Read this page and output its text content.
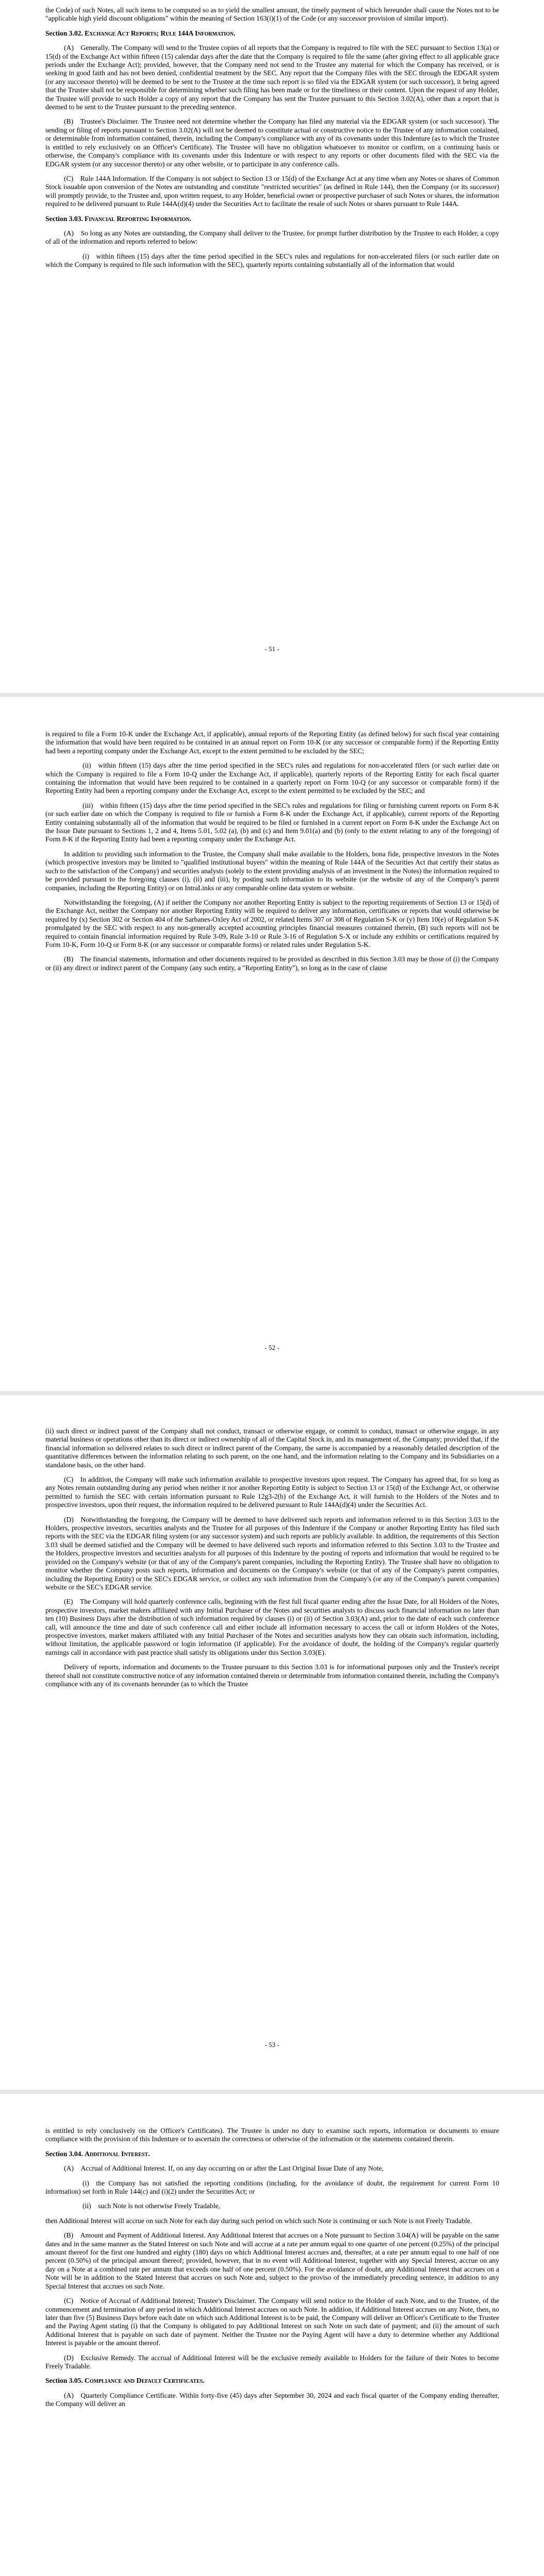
the Code) of such Notes, all such items to be computed so as to yield the smallest amount, the timely payment of which hereunder shall cause the Notes not to be "applicable high yield discount obligations" within the meaning of Section 163(i)(1) of the Code (or any successor provision of similar import).

Section 3.02. Exchange Act Reports; Rule 144A Information.

(A) Generally. The Company will send to the Trustee copies of all reports that the Company is required to file with the SEC pursuant to Section 13(a) or 15(d) of the Exchange Act within fifteen (15) calendar days after the date that the Company is required to file the same (after giving effect to all applicable grace periods under the Exchange Act); provided, however, that the Company need not send to the Trustee any material for which the Company has received, or is seeking in good faith and has not been denied, confidential treatment by the SEC. Any report that the Company files with the SEC through the EDGAR system (or any successor thereto) will be deemed to be sent to the Trustee at the time such report is so filed via the EDGAR system (or such successor), it being agreed that the Trustee shall not be responsible for determining whether such filing has been made or for the timeliness or their content. Upon the request of any Holder, the Trustee will provide to such Holder a copy of any report that the Company has sent the Trustee pursuant to this Section 3.02(A), other than a report that is deemed to be sent to the Trustee pursuant to the preceding sentence.

(B) Trustee's Disclaimer. The Trustee need not determine whether the Company has filed any material via the EDGAR system (or such successor). The sending or filing of reports pursuant to Section 3.02(A) will not be deemed to constitute actual or constructive notice to the Trustee of any information contained, or determinable from information contained, therein, including the Company's compliance with any of its covenants under this Indenture (as to which the Trustee is entitled to rely exclusively on an Officer's Certificate). The Trustee will have no obligation whatsoever to monitor or confirm, on a continuing basis or otherwise, the Company's compliance with its covenants under this Indenture or with respect to any reports or other documents filed with the SEC via the EDGAR system (or any successor thereto) or any other website, or to participate in any conference calls.

(C) Rule 144A Information. If the Company is not subject to Section 13 or 15(d) of the Exchange Act at any time when any Notes or shares of Common Stock issuable upon conversion of the Notes are outstanding and constitute "restricted securities" (as defined in Rule 144), then the Company (or its successor) will promptly provide, to the Trustee and, upon written request, to any Holder, beneficial owner or prospective purchaser of such Notes or shares, the information required to be delivered pursuant to Rule 144A(d)(4) under the Securities Act to facilitate the resale of such Notes or shares pursuant to Rule 144A.

Section 3.03. Financial Reporting Information.

(A) So long as any Notes are outstanding, the Company shall deliver to the Trustee, for prompt further distribution by the Trustee to each Holder, a copy of all of the information and reports referred to below:

(i) within fifteen (15) days after the time period specified in the SEC's rules and regulations for non-accelerated filers (or such earlier date on which the Company is required to file such information with the SEC), quarterly reports containing substantially all of the information that would

- 51 -

is required to file a Form 10-K under the Exchange Act, if applicable), annual reports of the Reporting Entity (as defined below) for such fiscal year containing the information that would have been required to be contained in an annual report on Form 10-K (or any successor or comparable form) if the Reporting Entity had been a reporting company under the Exchange Act, except to the extent permitted to be excluded by the SEC;

(ii) within fifteen (15) days after the time period specified in the SEC's rules and regulations for non-accelerated filers (or such earlier date on which the Company is required to file a Form 10-Q under the Exchange Act, if applicable), quarterly reports of the Reporting Entity for each fiscal quarter containing the information that would have been required to be contained in a quarterly report on Form 10-Q (or any successor or comparable form) if the Reporting Entity had been a reporting company under the Exchange Act, except to the extent permitted to be excluded by the SEC; and

(iii) within fifteen (15) days after the time period specified in the SEC's rules and regulations for filing or furnishing current reports on Form 8-K (or such earlier date on which the Company is required to file or furnish a Form 8-K under the Exchange Act, if applicable), current reports of the Reporting Entity containing substantially all of the information that would be required to be filed or furnished in a current report on Form 8-K under the Exchange Act on the Issue Date pursuant to Sections 1, 2 and 4, Items 5.01, 5.02 (a), (b) and (c) and Item 9.01(a) and (b) (only to the extent relating to any of the foregoing) of Form 8-K if the Reporting Entity had been a reporting company under the Exchange Act.

In addition to providing such information to the Trustee, the Company shall make available to the Holders, bona fide, prospective investors in the Notes (which prospective investors may be limited to "qualified institutional buyers" within the meaning of Rule 144A of the Securities Act that certify their status as such to the satisfaction of the Company) and securities analysts (solely to the extent providing analysis of an investment in the Notes) the information required to be provided pursuant to the foregoing clauses (i), (ii) and (iii), by posting such information to its website (or the website of any of the Company's parent companies, including the Reporting Entity) or on IntraLinks or any comparable online data system or website.

Notwithstanding the foregoing, (A) if neither the Company nor another Reporting Entity is subject to the reporting requirements of Section 13 or 15(d) of the Exchange Act, neither the Company nor another Reporting Entity will be required to deliver any information, certificates or reports that would otherwise be required by (x) Section 302 or Section 404 of the Sarbanes-Oxley Act of 2002, or related Items 307 or 308 of Regulation S-K or (y) Item 10(e) of Regulation S-K promulgated by the SEC with respect to any non-generally accepted accounting principles financial measures contained therein, (B) such reports will not be required to contain financial information required by Rule 3-09, Rule 3-10 or Rule 3-16 of Regulation S-X or include any exhibits or certifications required by Form 10-K, Form 10-Q or Form 8-K (or any successor or comparable forms) or related rules under Regulation S-K.

(B) The financial statements, information and other documents required to be provided as described in this Section 3.03 may be those of (i) the Company or (ii) any direct or indirect parent of the Company (any such entity, a "Reporting Entity"), so long as in the case of clause

- 52 -

(ii) such direct or indirect parent of the Company shall not conduct, transact or otherwise engage, or commit to conduct, transact or otherwise engage, in any material business or operations other than its direct or indirect ownership of all of the Capital Stock in, and its management of, the Company; provided that, if the financial information so delivered relates to such direct or indirect parent of the Company, the same is accompanied by a reasonably detailed description of the quantitative differences between the information relating to such parent, on the one hand, and the information relating to the Company and its Subsidiaries on a standalone basis, on the other hand.

(C) In addition, the Company will make such information available to prospective investors upon request. The Company has agreed that, for so long as any Notes remain outstanding during any period when neither it nor another Reporting Entity is subject to Section 13 or 15(d) of the Exchange Act, or otherwise permitted to furnish the SEC with certain information pursuant to Rule 12g3-2(b) of the Exchange Act, it will furnish to the Holders of the Notes and to prospective investors, upon their request, the information required to be delivered pursuant to Rule 144A(d)(4) under the Securities Act.

(D) Notwithstanding the foregoing, the Company will be deemed to have delivered such reports and information referred to in this Section 3.03 to the Holders, prospective investors, securities analysts and the Trustee for all purposes of this Indenture if the Company or another Reporting Entity has filed such reports with the SEC via the EDGAR filing system (or any successor system) and such reports are publicly available. In addition, the requirements of this Section 3.03 shall be deemed satisfied and the Company will be deemed to have delivered such reports and information referred to this Section 3.03 to the Trustee and the Holders, prospective investors and securities analysts for all purposes of this Indenture by the posting of reports and information that would be required to be provided on the Company's website (or that of any of the Company's parent companies, including the Reporting Entity). The Trustee shall have no obligation to monitor whether the Company posts such reports, information and documents on the Company's website (or that of any of the Company's parent companies, including the Reporting Entity) or the SEC's EDGAR service, or collect any such information from the Company's (or any of the Company's parent companies) website or the SEC's EDGAR service.

(E) The Company will hold quarterly conference calls, beginning with the first full fiscal quarter ending after the Issue Date, for all Holders of the Notes, prospective investors, market makers affiliated with any Initial Purchaser of the Notes and securities analysts to discuss such financial information no later than ten (10) Business Days after the distribution of such information required by clauses (i) or (ii) of Section 3.03(A) and, prior to the date of each such conference call, will announce the time and date of such conference call and either include all information necessary to access the call or inform Holders of the Notes, prospective investors, market makers affiliated with any Initial Purchaser of the Notes and securities analysts how they can obtain such information, including, without limitation, the applicable password or login information (if applicable). For the avoidance of doubt, the holding of the Company's regular quarterly earnings call in accordance with past practice shall satisfy its obligations under this Section 3.03(E).

Delivery of reports, information and documents to the Trustee pursuant to this Section 3.03 is for informational purposes only and the Trustee's receipt thereof shall not constitute constructive notice of any information contained therein or determinable from information contained therein, including the Company's compliance with any of its covenants hereunder (as to which the Trustee

- 53 -

is entitled to rely conclusively on the Officer's Certificates). The Trustee is under no duty to examine such reports, information or documents to ensure compliance with the provision of this Indenture or to ascertain the correctness or otherwise of the information or the statements contained therein.

Section 3.04. Additional Interest.

(A) Accrual of Additional Interest. If, on any day occurring on or after the Last Original Issue Date of any Note,

(i) the Company has not satisfied the reporting conditions (including, for the avoidance of doubt, the requirement for current Form 10 information) set forth in Rule 144(c) and (i)(2) under the Securities Act; or

(ii) such Note is not otherwise Freely Tradable,

then Additional Interest will accrue on such Note for each day during such period on which such Note is continuing or such Note is not Freely Tradable.

(B) Amount and Payment of Additional Interest. Any Additional Interest that accrues on a Note pursuant to Section 3.04(A) will be payable on the same dates and in the same manner as the Stated Interest on such Note and will accrue at a rate per annum equal to one quarter of one percent (0.25%) of the principal amount thereof for the first one hundred and eighty (180) days on which Additional Interest accrues and, thereafter, at a rate per annum equal to one half of one percent (0.50%) of the principal amount thereof; provided, however, that in no event will Additional Interest, together with any Special Interest, accrue on any day on a Note at a combined rate per annum that exceeds one half of one percent (0.50%). For the avoidance of doubt, any Additional Interest that accrues on a Note will be in addition to the Stated Interest that accrues on such Note and, subject to the proviso of the immediately preceding sentence, in addition to any Special Interest that accrues on such Note.

(C) Notice of Accrual of Additional Interest; Trustee's Disclaimer. The Company will send notice to the Holder of each Note, and to the Trustee, of the commencement and termination of any period in which Additional Interest accrues on such Note. In addition, if Additional Interest accrues on any Note, then, no later than five (5) Business Days before each date on which such Additional Interest is to be paid, the Company will deliver an Officer's Certificate to the Trustee and the Paying Agent stating (i) that the Company is obligated to pay Additional Interest on such Note on such date of payment; and (ii) the amount of such Additional Interest that is payable on such date of payment. Neither the Trustee nor the Paying Agent will have a duty to determine whether any Additional Interest is payable or the amount thereof.

(D) Exclusive Remedy. The accrual of Additional Interest will be the exclusive remedy available to Holders for the failure of their Notes to become Freely Tradable.

Section 3.05. Compliance and Default Certificates.

(A) Quarterly Compliance Certificate. Within forty-five (45) days after September 30, 2024 and each fiscal quarter of the Company ending thereafter, the Company will deliver an
